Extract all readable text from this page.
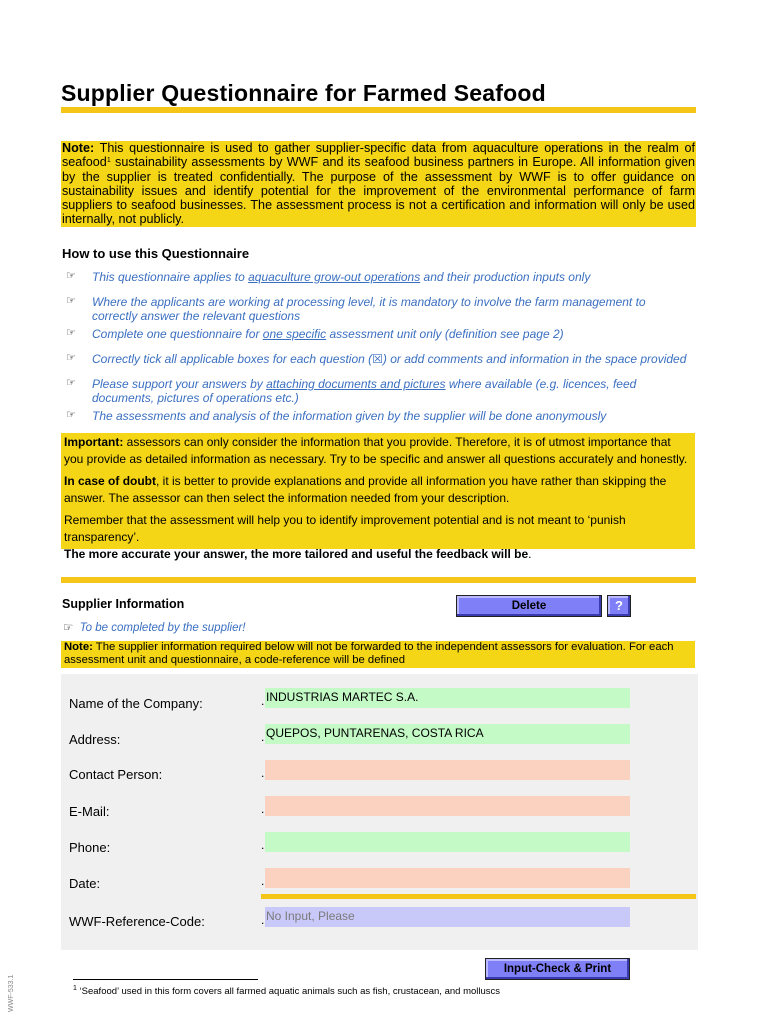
Supplier Questionnaire for Farmed Seafood
Note: This questionnaire is used to gather supplier-specific data from aquaculture operations in the realm of seafood$^1$ sustainability assessments by WWF and its seafood business partners in Europe. All information given by the supplier is treated confidentially. The purpose of the assessment by WWF is to offer guidance on sustainability issues and identify potential for the improvement of the environmental performance of farm suppliers to seafood businesses. The assessment process is not a certification and information will only be used internally, not publicly.
How to use this Questionnaire
☞ This questionnaire applies to aquaculture grow-out operations and their production inputs only
☞ Where the applicants are working at processing level, it is mandatory to involve the farm management to correctly answer the relevant questions
☞ Complete one questionnaire for one specific assessment unit only (definition see page 2)
☞ Correctly tick all applicable boxes for each question (☒) or add comments and information in the space provided
☞ Please support your answers by attaching documents and pictures where available (e.g. licences, feed documents, pictures of operations etc.)
☞ The assessments and analysis of the information given by the supplier will be done anonymously

Important: assessors can only consider the information that you provide. Therefore, it is of utmost importance that you provide as detailed information as necessary. Try to be specific and answer all questions accurately and honestly.

In case of doubt, it is better to provide explanations and provide all information you have rather than skipping the answer. The assessor can then select the information needed from your description.

Remember that the assessment will help you to identify improvement potential and is not meant to ‘punish transparency’.

The more accurate your answer, the more tailored and useful the feedback will be.

Supplier Information	Delete	?
☞ To be completed by the supplier!
Note: The supplier information required below will not be forwarded to the independent assessors for evaluation. For each assessment unit and questionnaire, a code-reference will be defined
Name of the Company:	. INDUSTRIAS MARTEC S.A.
Address:	. QUEPOS, PUNTARENAS, COSTA RICA
Contact Person:	.
E-Mail:	.
Phone:	.
Date:	.
WWF-Reference-Code:	. No Input, Please
Input-Check & Print
$^1$ ‘Seafood’ used in this form covers all farmed aquatic animals such as fish, crustacean, and molluscs
WWF-533.1
